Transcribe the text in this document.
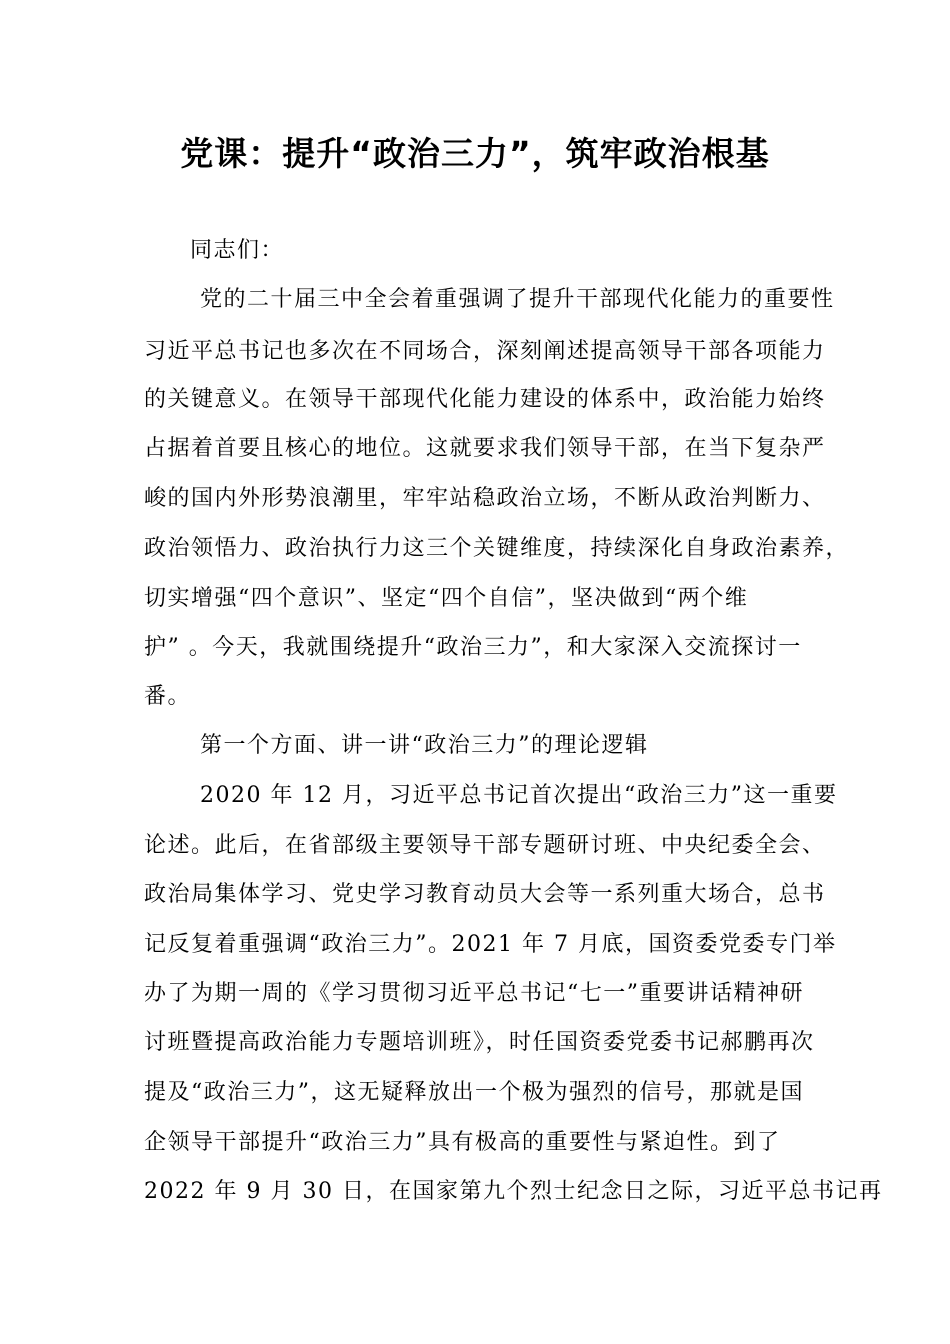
党课：提升“政治三力”，筑牢政治根基

同志们：

党的二十届三中全会着重强调了提升干部现代化能力的重要性

习近平总书记也多次在不同场合，深刻阐述提高领导干部各项能力

的关键意义。在领导干部现代化能力建设的体系中，政治能力始终

占据着首要且核心的地位。这就要求我们领导干部，在当下复杂严

峻的国内外形势浪潮里，牢牢站稳政治立场，不断从政治判断力、

政治领悟力、政治执行力这三个关键维度，持续深化自身政治素养，

切实增强“四个意识”、坚定“四个自信”，坚决做到“两个维

护” 。今天，我就围绕提升“政治三力”，和大家深入交流探讨一

番。

第一个方面、讲一讲“政治三力”的理论逻辑

2020 年 12 月，习近平总书记首次提出“政治三力”这一重要

论述。此后，在省部级主要领导干部专题研讨班、中央纪委全会、

政治局集体学习、党史学习教育动员大会等一系列重大场合，总书

记反复着重强调“政治三力”。2021 年 7 月底，国资委党委专门举

办了为期一周的《学习贯彻习近平总书记“七一”重要讲话精神研

讨班暨提高政治能力专题培训班》，时任国资委党委书记郝鹏再次

提及“政治三力”，这无疑释放出一个极为强烈的信号，那就是国

企领导干部提升“政治三力”具有极高的重要性与紧迫性。到了

2022 年 9 月 30 日，在国家第九个烈士纪念日之际，习近平总书记再
